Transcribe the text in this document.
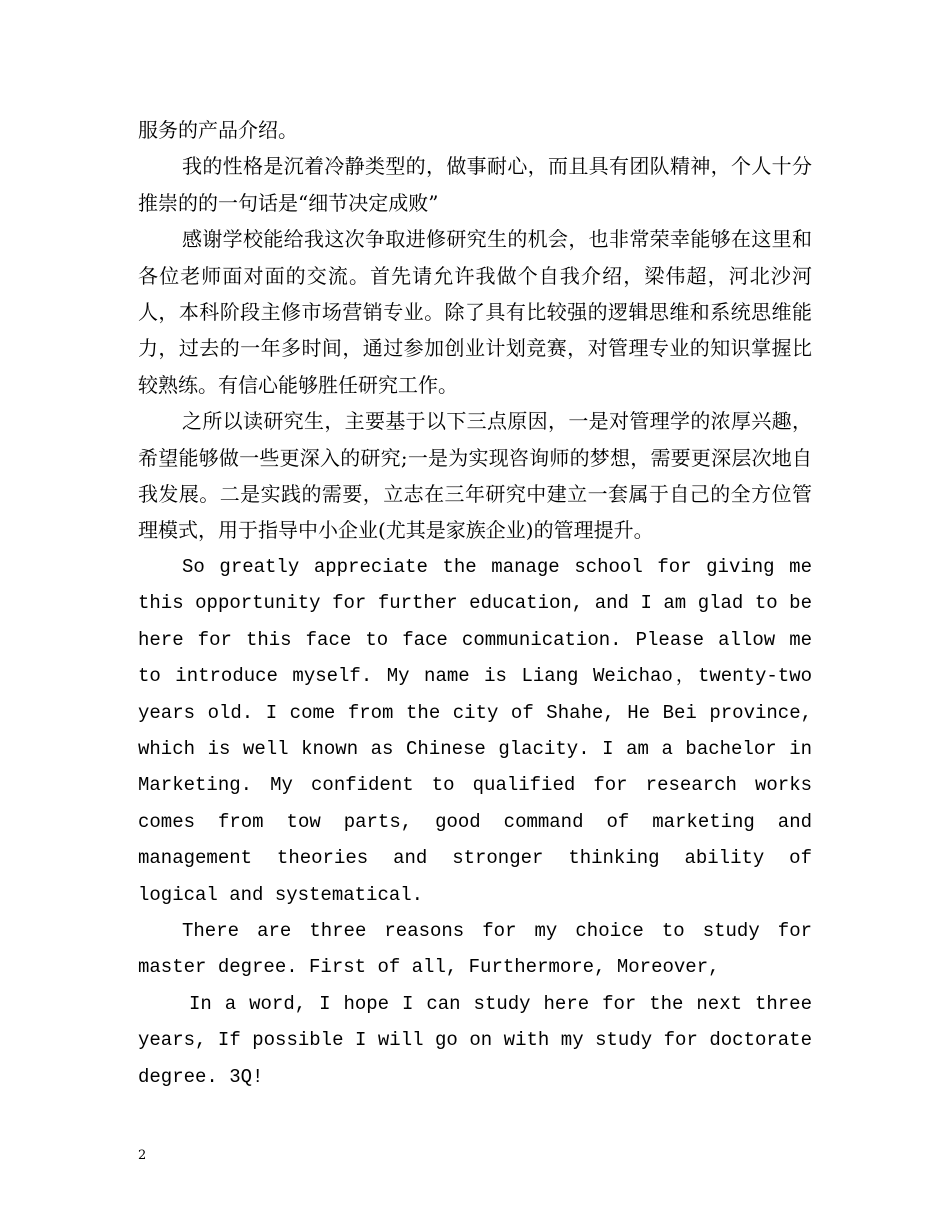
服务的产品介绍。

我的性格是沉着冷静类型的，做事耐心，而且具有团队精神，个人十分推崇的的一句话是“细节决定成败”

感谢学校能给我这次争取进修研究生的机会，也非常荣幸能够在这里和各位老师面对面的交流。首先请允许我做个自我介绍，梁伟超，河北沙河人，本科阶段主修市场营销专业。除了具有比较强的逻辑思维和系统思维能力，过去的一年多时间，通过参加创业计划竞赛，对管理专业的知识掌握比较熟练。有信心能够胜任研究工作。

之所以读研究生，主要基于以下三点原因，一是对管理学的浓厚兴趣，希望能够做一些更深入的研究;一是为实现咨询师的梦想，需要更深层次地自我发展。二是实践的需要，立志在三年研究中建立一套属于自己的全方位管理模式，用于指导中小企业(尤其是家族企业)的管理提升。

So greatly appreciate the manage school for giving me this opportunity for further education, and I am glad to be here for this face to face communication. Please allow me to introduce myself. My name is Liang Weichao，twenty-two years old. I come from the city of Shahe, He Bei province, which is well known as Chinese glacity. I am a bachelor in Marketing. My confident to qualified for research works comes from tow parts, good command of marketing and management theories and stronger thinking ability of logical and systematical.

There are three reasons for my choice to study for master degree. First of all, Furthermore, Moreover,

In a word, I hope I can study here for the next three years, If possible I will go on with my study for doctorate degree. 3Q!

2
